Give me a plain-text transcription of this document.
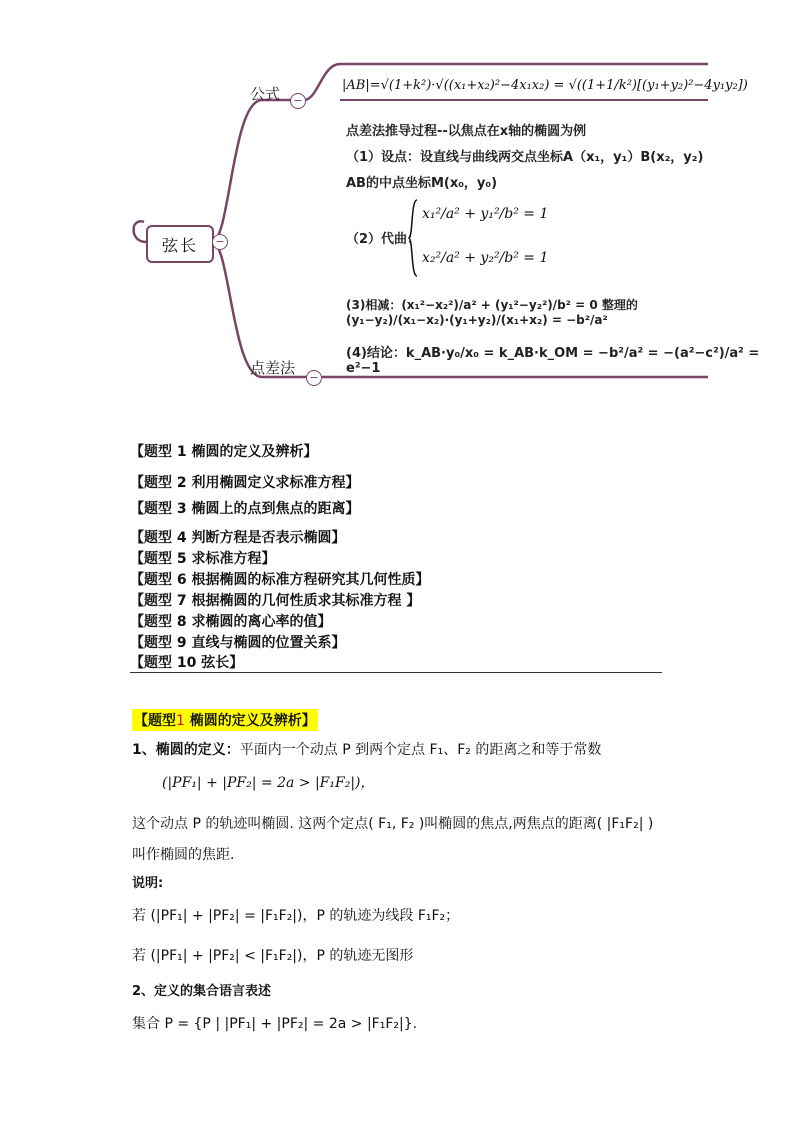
公式	−
弦长	−
点差法
−
|AB|=√(1+k²)·√((x₁+x₂)²−4x₁x₂) = √((1+1/k²)[(y₁+y₂)²−4y₁y₂])
点差法推导过程--以焦点在x轴的椭圆为例
（1）设点：设直线与曲线两交点坐标A（x₁，y₁）B(x₂，y₂)
AB的中点坐标M(x₀，y₀)
（2）代曲：
x₁²/a² + y₁²/b² = 1
x₂²/a² + y₂²/b² = 1
(3)相减：(x₁²−x₂²)/a² + (y₁²−y₂²)/b² = 0 整理的 (y₁−y₂)/(x₁−x₂)·(y₁+y₂)/(x₁+x₂) = −b²/a²
(4)结论：k_AB·y₀/x₀ = k_AB·k_OM = −b²/a² = −(a²−c²)/a² = e²−1
【题型 1 椭圆的定义及辨析】
【题型 2 利用椭圆定义求标准方程】
【题型 3 椭圆上的点到焦点的距离】
【题型 4 判断方程是否表示椭圆】
【题型 5 求标准方程】
【题型 6 根据椭圆的标准方程研究其几何性质】
【题型 7 根据椭圆的几何性质求其标准方程 】
【题型 8 求椭圆的离心率的值】
【题型 9 直线与椭圆的位置关系】
【题型 10 弦长】
【题型1 椭圆的定义及辨析】
1、椭圆的定义：平面内一个动点 P 到两个定点 F₁、F₂ 的距离之和等于常数
(|PF₁| + |PF₂| = 2a > |F₁F₂|)，
这个动点 P 的轨迹叫椭圆. 这两个定点( F₁, F₂ )叫椭圆的焦点,两焦点的距离( |F₁F₂| )
叫作椭圆的焦距.
说明:
若 (|PF₁| + |PF₂| = |F₁F₂|)，P 的轨迹为线段 F₁F₂；
若 (|PF₁| + |PF₂| < |F₁F₂|)，P 的轨迹无图形
2、定义的集合语言表述
集合 P = {P | |PF₁| + |PF₂| = 2a > |F₁F₂|}.
